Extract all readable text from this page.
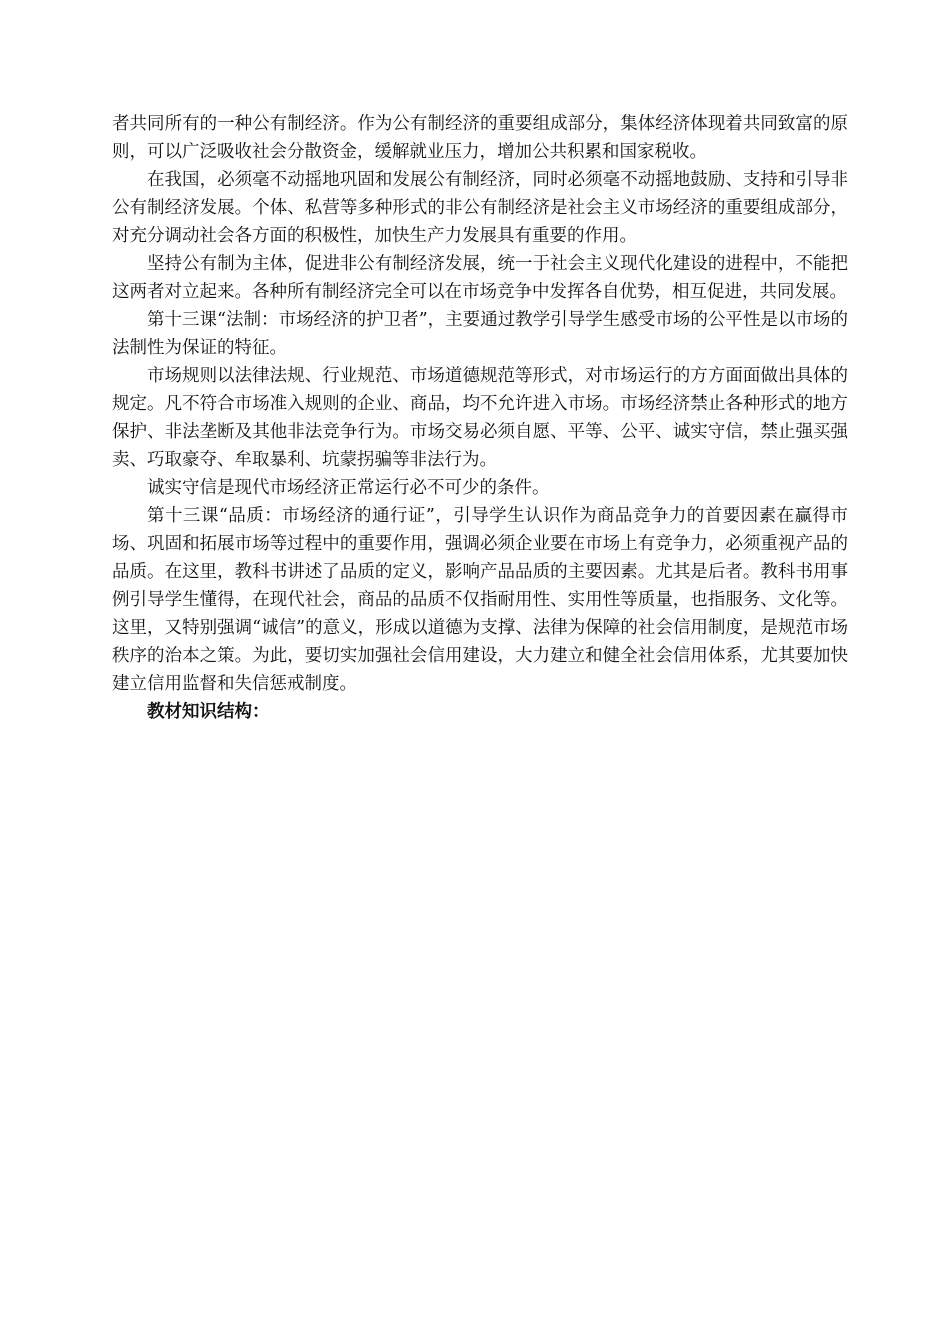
者共同所有的一种公有制经济。作为公有制经济的重要组成部分，集体经济体现着共同致富的原则，可以广泛吸收社会分散资金，缓解就业压力，增加公共积累和国家税收。

在我国，必须毫不动摇地巩固和发展公有制经济，同时必须毫不动摇地鼓励、支持和引导非公有制经济发展。个体、私营等多种形式的非公有制经济是社会主义市场经济的重要组成部分，对充分调动社会各方面的积极性，加快生产力发展具有重要的作用。

坚持公有制为主体，促进非公有制经济发展，统一于社会主义现代化建设的进程中，不能把这两者对立起来。各种所有制经济完全可以在市场竞争中发挥各自优势，相互促进，共同发展。

第十三课“法制：市场经济的护卫者”，主要通过教学引导学生感受市场的公平性是以市场的法制性为保证的特征。

市场规则以法律法规、行业规范、市场道德规范等形式，对市场运行的方方面面做出具体的规定。凡不符合市场准入规则的企业、商品，均不允许进入市场。市场经济禁止各种形式的地方保护、非法垄断及其他非法竞争行为。市场交易必须自愿、平等、公平、诚实守信，禁止强买强卖、巧取豪夺、牟取暴利、坑蒙拐骗等非法行为。

诚实守信是现代市场经济正常运行必不可少的条件。

第十三课“品质：市场经济的通行证”，引导学生认识作为商品竞争力的首要因素在赢得市场、巩固和拓展市场等过程中的重要作用，强调必须企业要在市场上有竞争力，必须重视产品的品质。在这里，教科书讲述了品质的定义，影响产品品质的主要因素。尤其是后者。教科书用事例引导学生懂得，在现代社会，商品的品质不仅指耐用性、实用性等质量，也指服务、文化等。这里，又特别强调“诚信”的意义，形成以道德为支撑、法律为保障的社会信用制度，是规范市场秩序的治本之策。为此，要切实加强社会信用建设，大力建立和健全社会信用体系，尤其要加快建立信用监督和失信惩戒制度。

教材知识结构：
